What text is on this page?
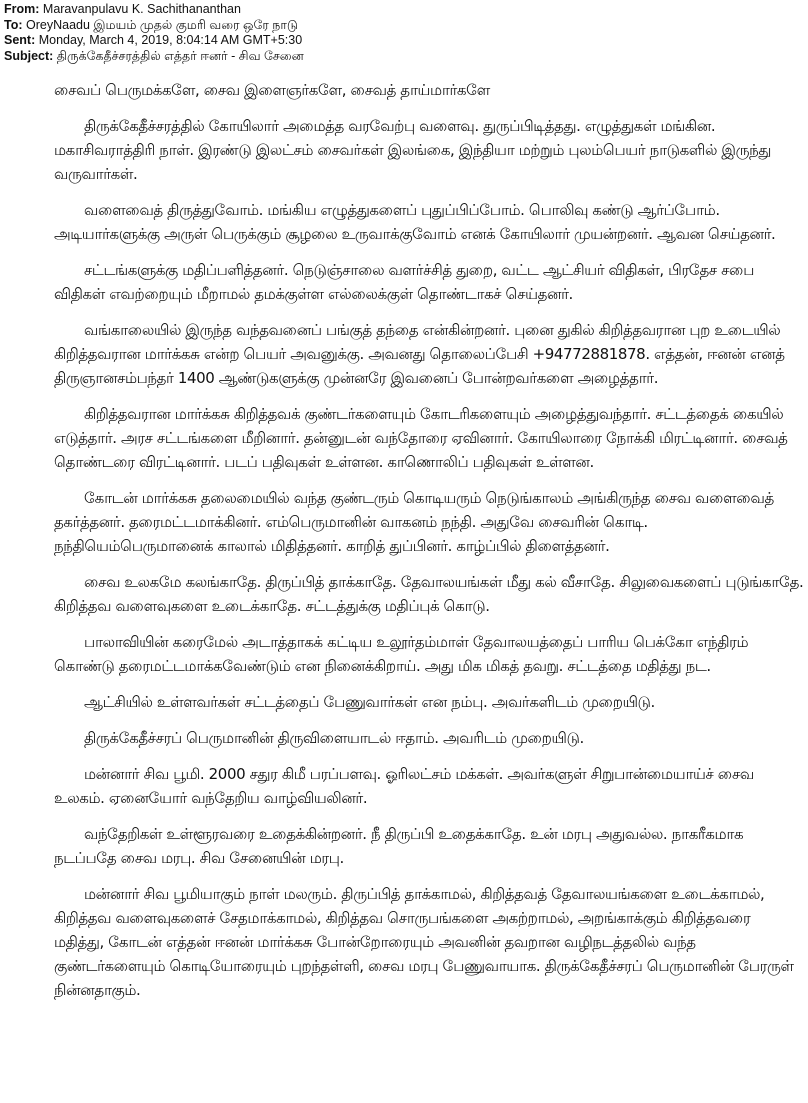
From: Maravanpulavu K. Sachithananthan
To: OreyNaadu இமயம் முதல் குமரி வரை ஒரே நாடு
Sent: Monday, March 4, 2019, 8:04:14 AM GMT+5:30
Subject: திருக்கேதீச்சரத்தில் எத்தர் ஈனர் - சிவ சேனை

சைவப் பெருமக்களே, சைவ இளைஞர்களே, சைவத் தாய்மார்களே

திருக்கேதீச்சரத்தில் கோயிலார் அமைத்த வரவேற்பு வளைவு. துருப்பிடித்தது. எழுத்துகள் மங்கின. மகாசிவராத்திரி நாள். இரண்டு இலட்சம் சைவர்கள் இலங்கை, இந்தியா மற்றும் புலம்பெயர் நாடுகளில் இருந்து வருவார்கள்.

வளைவைத் திருத்துவோம். மங்கிய எழுத்துகளைப் புதுப்பிப்போம். பொலிவு கண்டு ஆர்ப்போம். அடியார்களுக்கு அருள் பெருக்கும் சூழலை உருவாக்குவோம் எனக் கோயிலார் முயன்றனர். ஆவன செய்தனர்.

சட்டங்களுக்கு மதிப்பளித்தனர். நெடுஞ்சாலை வளர்ச்சித் துறை, வட்ட ஆட்சியர் விதிகள், பிரதேச சபை விதிகள் எவற்றையும் மீறாமல் தமக்குள்ள எல்லைக்குள் தொண்டாகச் செய்தனர்.

வங்காலையில் இருந்த வந்தவனைப் பங்குத் தந்தை என்கின்றனர். புனை துகில் கிறித்தவரான புற உடையில் கிறித்தவரான மார்க்கசு என்ற பெயர் அவனுக்கு. அவனது தொலைப்பேசி +94772881878. எத்தன், ஈனன் எனத் திருஞானசம்பந்தர் 1400 ஆண்டுகளுக்கு முன்னரே இவனைப் போன்றவர்களை அழைத்தார்.

கிறித்தவரான மார்க்கசு கிறித்தவக் குண்டர்களையும் கோடரிகளையும் அழைத்துவந்தார். சட்டத்தைக் கையில் எடுத்தார். அரச சட்டங்களை மீறினார். தன்னுடன் வந்தோரை ஏவினார். கோயிலாரை நோக்கி மிரட்டினார். சைவத் தொண்டரை விரட்டினார். படப் பதிவுகள் உள்ளன. காணொலிப் பதிவுகள் உள்ளன.

கோடன் மார்க்கசு தலைமையில் வந்த குண்டரும் கொடியரும் நெடுங்காலம் அங்கிருந்த சைவ வளைவைத் தகர்த்தனர். தரைமட்டமாக்கினர். எம்பெருமானின் வாகனம் நந்தி. அதுவே சைவரின் கொடி. நந்தியெம்பெருமானைக் காலால் மிதித்தனர். காறித் துப்பினர். காழ்ப்பில் திளைத்தனர்.

சைவ உலகமே கலங்காதே. திருப்பித் தாக்காதே. தேவாலயங்கள் மீது கல் வீசாதே. சிலுவைகளைப் புடுங்காதே. கிறித்தவ வளைவுகளை உடைக்காதே. சட்டத்துக்கு மதிப்புக் கொடு.

பாலாவியின் கரைமேல் அடாத்தாகக் கட்டிய உலூர்தம்மாள் தேவாலயத்தைப் பாரிய பெக்கோ எந்திரம் கொண்டு தரைமட்டமாக்கவேண்டும் என நினைக்கிறாய். அது மிக மிகத் தவறு. சட்டத்தை மதித்து நட.

ஆட்சியில் உள்ளவர்கள் சட்டத்தைப் பேணுவார்கள் என நம்பு. அவர்களிடம் முறையிடு.

திருக்கேதீச்சரப் பெருமானின் திருவிளையாடல் ஈதாம். அவரிடம் முறையிடு.

மன்னார் சிவ பூமி. 2000 சதுர கிமீ பரப்பளவு. ஓரிலட்சம் மக்கள். அவர்களுள் சிறுபான்மையாய்ச் சைவ உலகம். ஏனையோர் வந்தேறிய வாழ்வியலினர்.

வந்தேறிகள் உள்ளூரவரை உதைக்கின்றனர். நீ திருப்பி உதைக்காதே. உன் மரபு அதுவல்ல. நாகரீகமாக நடப்பதே சைவ மரபு. சிவ சேனையின் மரபு.

மன்னார் சிவ பூமியாகும் நாள் மலரும். திருப்பித் தாக்காமல், கிறித்தவத் தேவாலயங்களை உடைக்காமல், கிறித்தவ வளைவுகளைச் சேதமாக்காமல், கிறித்தவ சொருபங்களை அகற்றாமல், அறங்காக்கும் கிறித்தவரை மதித்து, கோடன் எத்தன் ஈனன் மார்க்கசு போன்றோரையும் அவனின் தவறான வழிநடத்தலில் வந்த குண்டர்களையும் கொடியோரையும் புறந்தள்ளி, சைவ மரபு பேணுவாயாக. திருக்கேதீச்சரப் பெருமானின் பேரருள் நின்னதாகும்.
